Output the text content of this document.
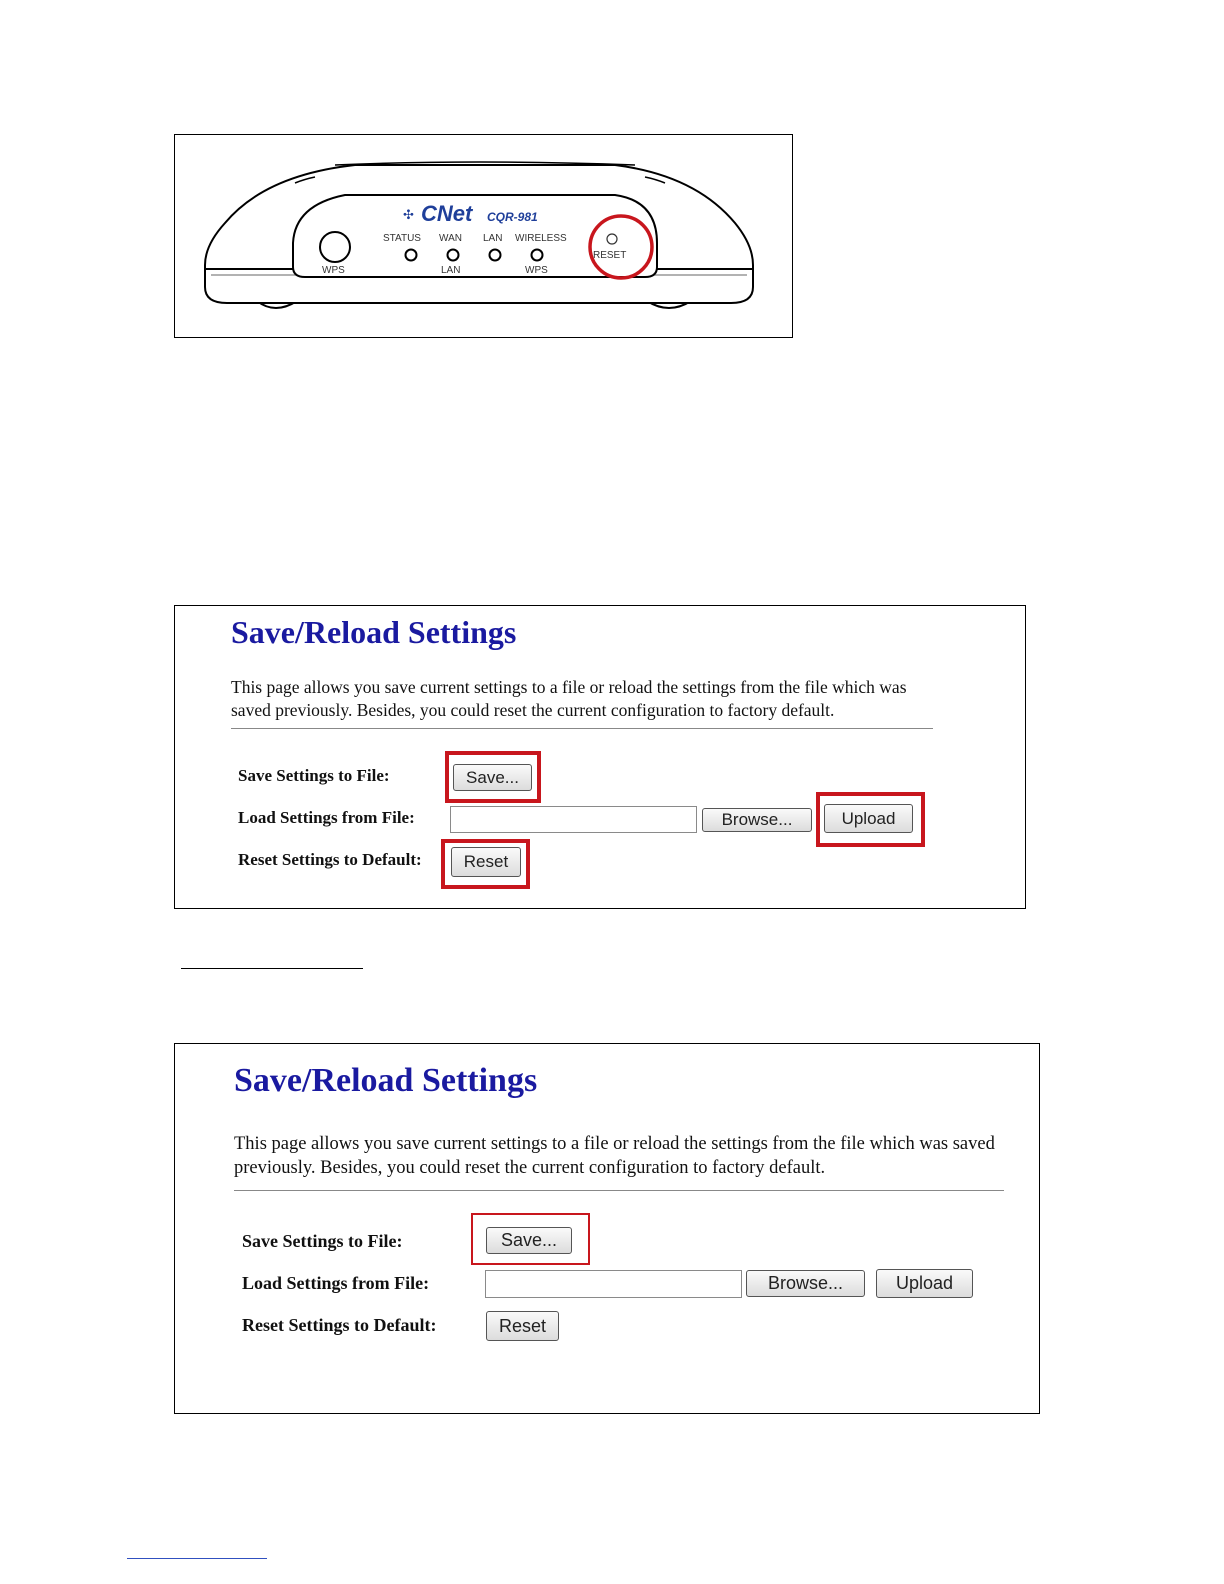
✣ CNet CQR-981
WPS
STATUS WAN LAN WIRELESS
LAN	WPS
RESET
Save/Reload Settings
This page allows you save current settings to a file or reload the settings from the file which was saved previously. Besides, you could reset the current configuration to factory default.
Save Settings to File:	Save...
Load Settings from File:	Browse...	Upload
Reset Settings to Default:	Reset
Save/Reload Settings
This page allows you save current settings to a file or reload the settings from the file which was saved previously. Besides, you could reset the current configuration to factory default.
Save Settings to File:	Save...
Load Settings from File:	Browse...	Upload
Reset Settings to Default:	Reset
